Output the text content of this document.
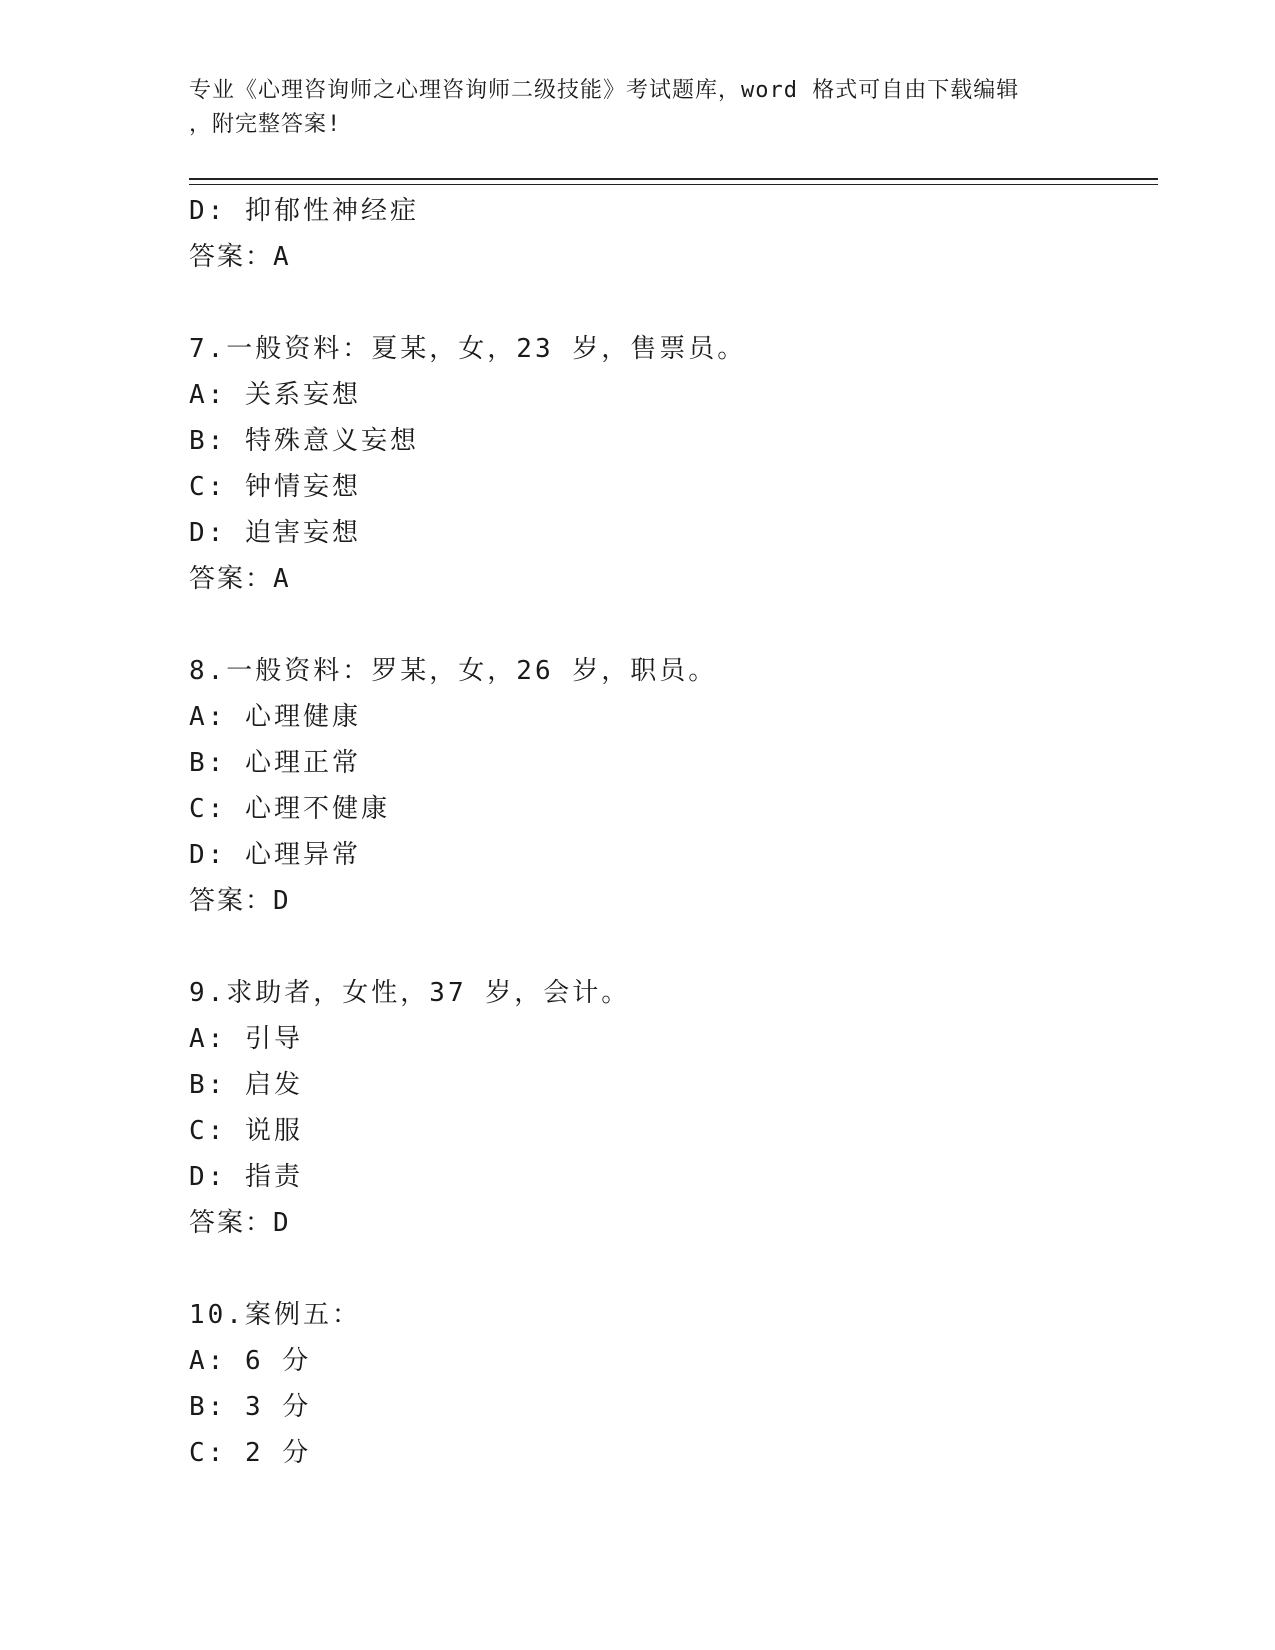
专业《心理咨询师之心理咨询师二级技能》考试题库，word 格式可自由下载编辑
，附完整答案!
D: 抑郁性神经症
答案：A
7.一般资料：夏某，女，23 岁，售票员。
A: 关系妄想
B: 特殊意义妄想
C: 钟情妄想
D: 迫害妄想
答案：A
8.一般资料：罗某，女，26 岁，职员。
A: 心理健康
B: 心理正常
C: 心理不健康
D: 心理异常
答案：D
9.求助者，女性，37 岁，会计。
A: 引导
B: 启发
C: 说服
D: 指责
答案：D
10.案例五：
A: 6 分
B: 3 分
C: 2 分
